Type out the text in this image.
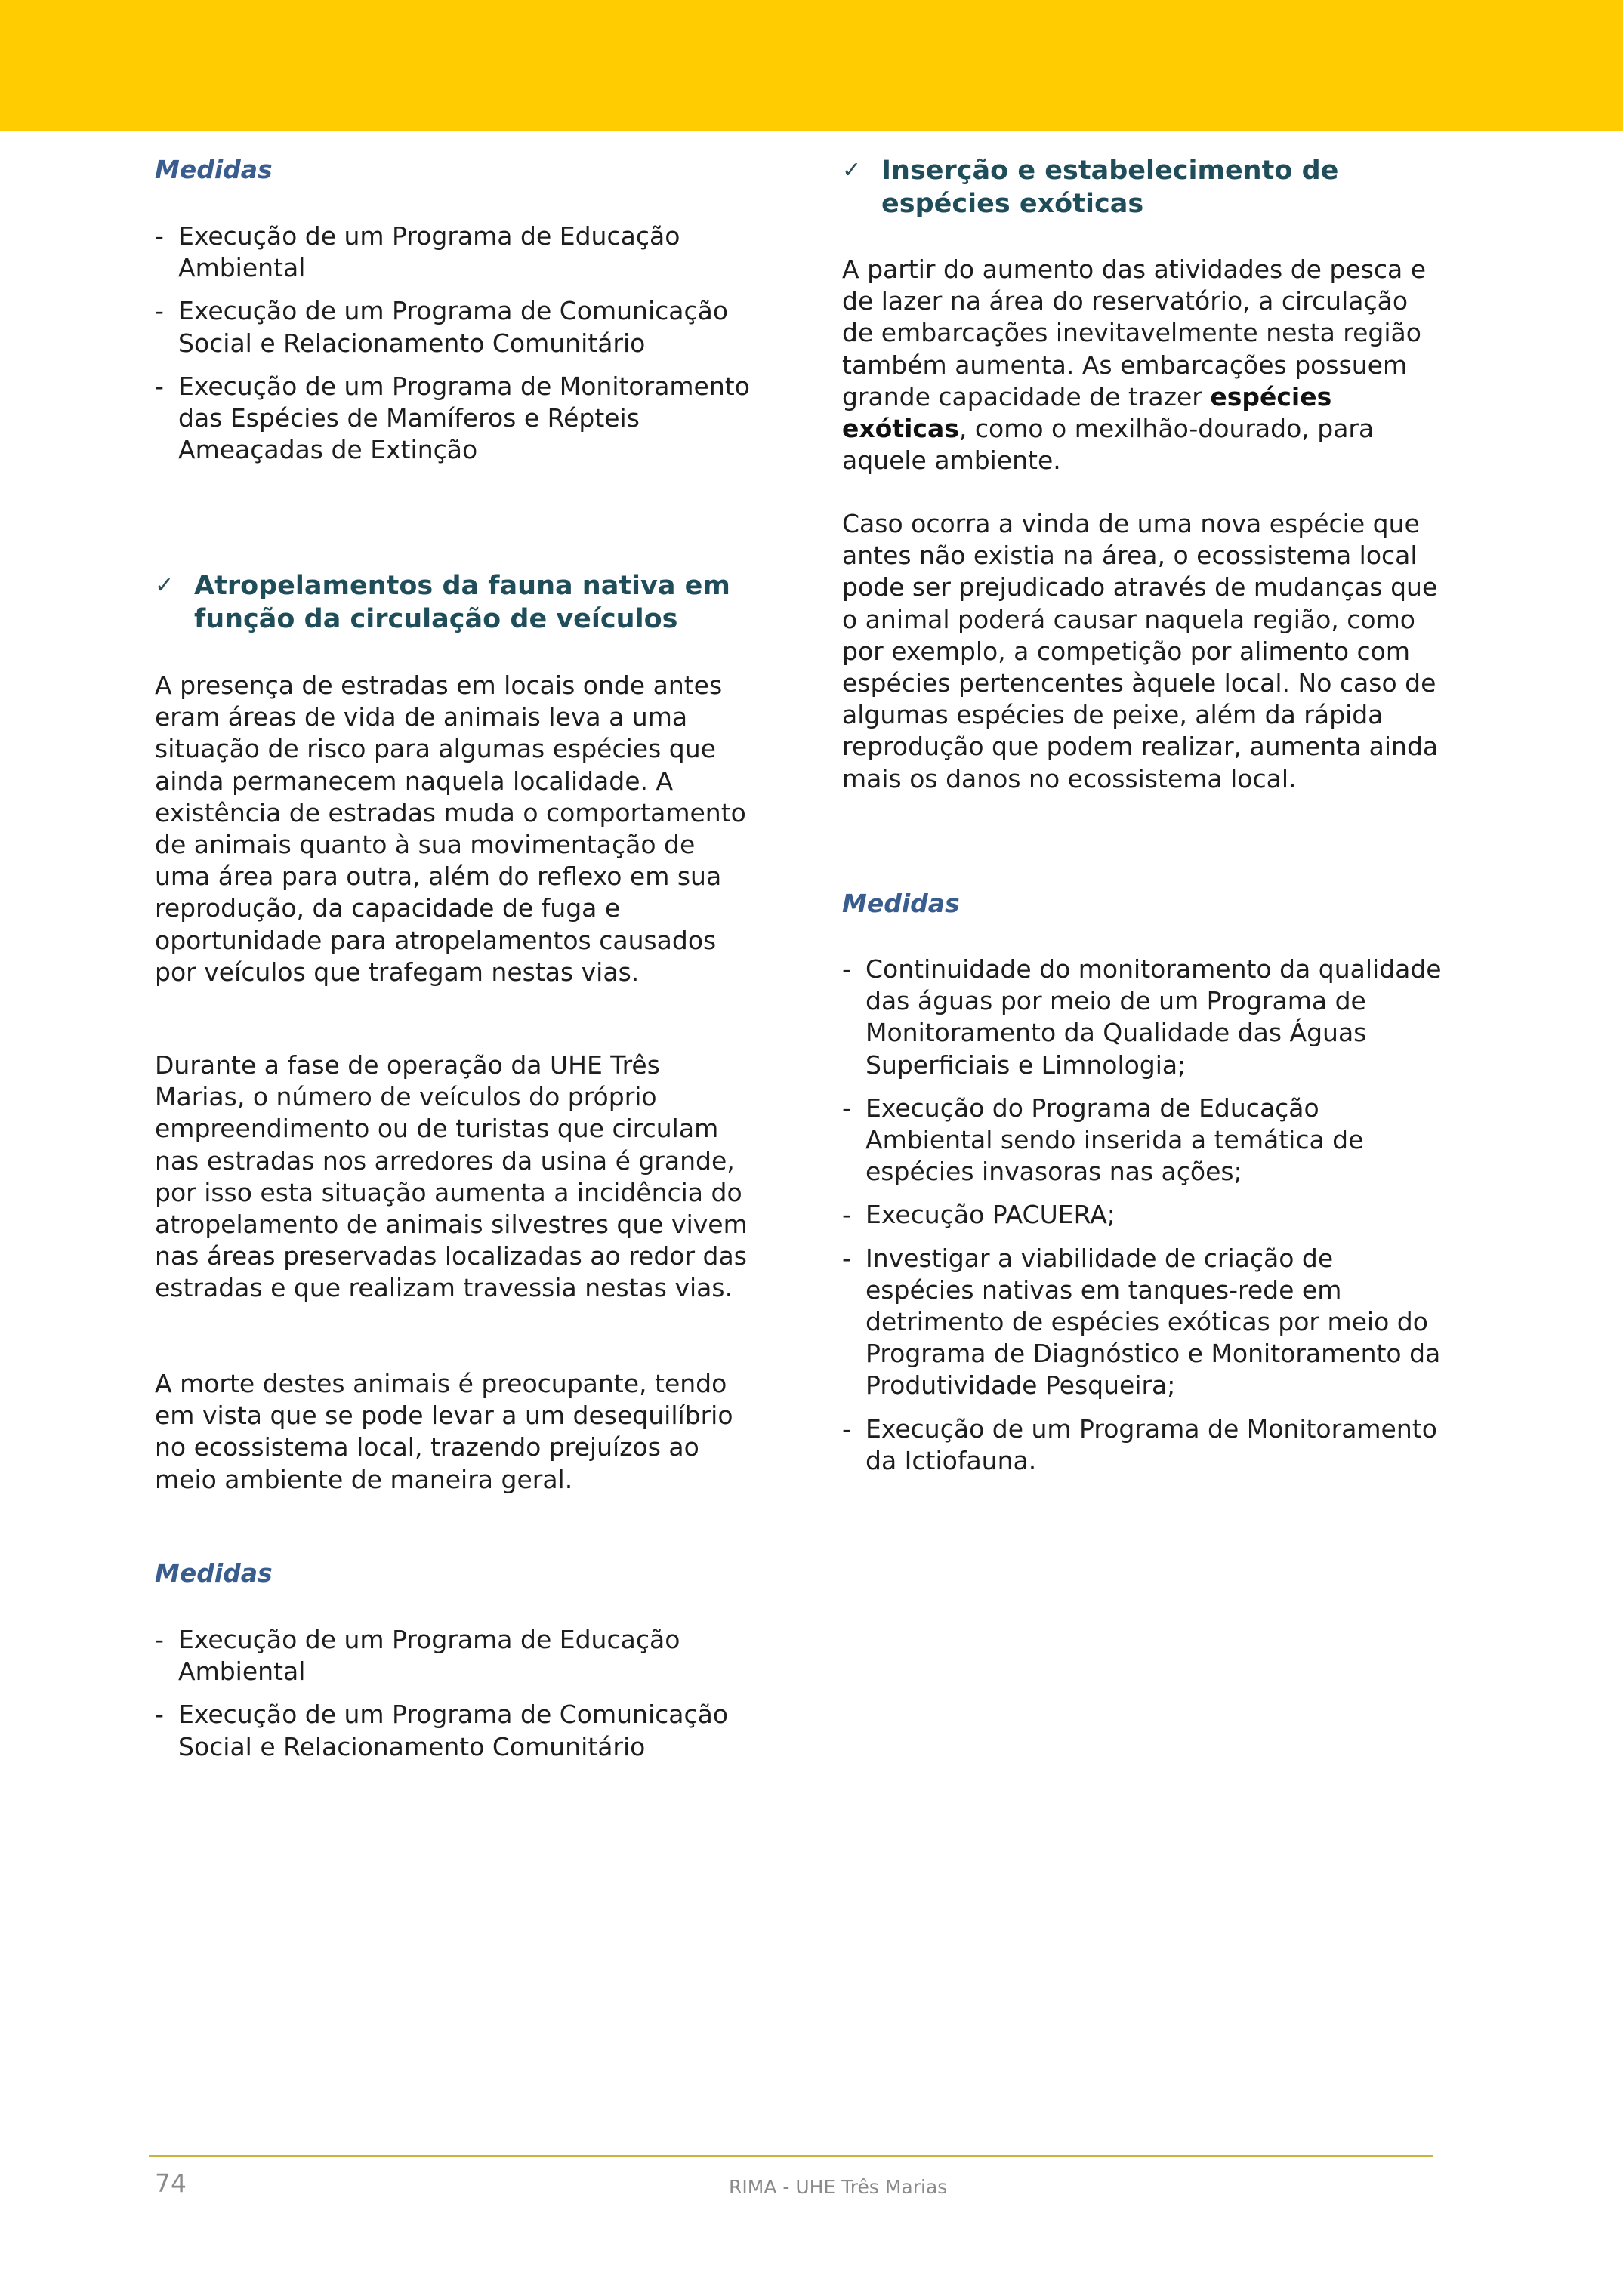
Medidas

- Execução de um Programa de Educação Ambiental
- Execução de um Programa de Comunicação Social e Relacionamento Comunitário
- Execução de um Programa de Monitoramento das Espécies de Mamíferos e Répteis Ameaçadas de Extinção
✓ Atropelamentos da fauna nativa em função da circulação de veículos

A presença de estradas em locais onde antes eram áreas de vida de animais leva a uma situação de risco para algumas espécies que ainda permanecem naquela localidade. A existência de estradas muda o comportamento de animais quanto à sua movimentação de uma área para outra, além do reflexo em sua reprodução, da capacidade de fuga e oportunidade para atropelamentos causados por veículos que trafegam nestas vias.

Durante a fase de operação da UHE Três Marias, o número de veículos do próprio empreendimento ou de turistas que circulam nas estradas nos arredores da usina é grande, por isso esta situação aumenta a incidência do atropelamento de animais silvestres que vivem nas áreas preservadas localizadas ao redor das estradas e que realizam travessia nestas vias.

A morte destes animais é preocupante, tendo em vista que se pode levar a um desequilíbrio no ecossistema local, trazendo prejuízos ao meio ambiente de maneira geral.

Medidas

- Execução de um Programa de Educação Ambiental
- Execução de um Programa de Comunicação Social e Relacionamento Comunitário
✓ Inserção e estabelecimento de espécies exóticas

A partir do aumento das atividades de pesca e de lazer na área do reservatório, a circulação de embarcações inevitavelmente nesta região também aumenta. As embarcações possuem grande capacidade de trazer espécies exóticas, como o mexilhão-dourado, para aquele ambiente.

Caso ocorra a vinda de uma nova espécie que antes não existia na área, o ecossistema local pode ser prejudicado através de mudanças que o animal poderá causar naquela região, como por exemplo, a competição por alimento com espécies pertencentes àquele local. No caso de algumas espécies de peixe, além da rápida reprodução que podem realizar, aumenta ainda mais os danos no ecossistema local.

Medidas

- Continuidade do monitoramento da qualidade das águas por meio de um Programa de Monitoramento da Qualidade das Águas Superficiais e Limnologia;
- Execução do Programa de Educação Ambiental sendo inserida a temática de espécies invasoras nas ações;
- Execução PACUERA;
- Investigar a viabilidade de criação de espécies nativas em tanques-rede em detrimento de espécies exóticas por meio do Programa de Diagnóstico e Monitoramento da Produtividade Pesqueira;
- Execução de um Programa de Monitoramento da Ictiofauna.
74	RIMA - UHE Três Marias
